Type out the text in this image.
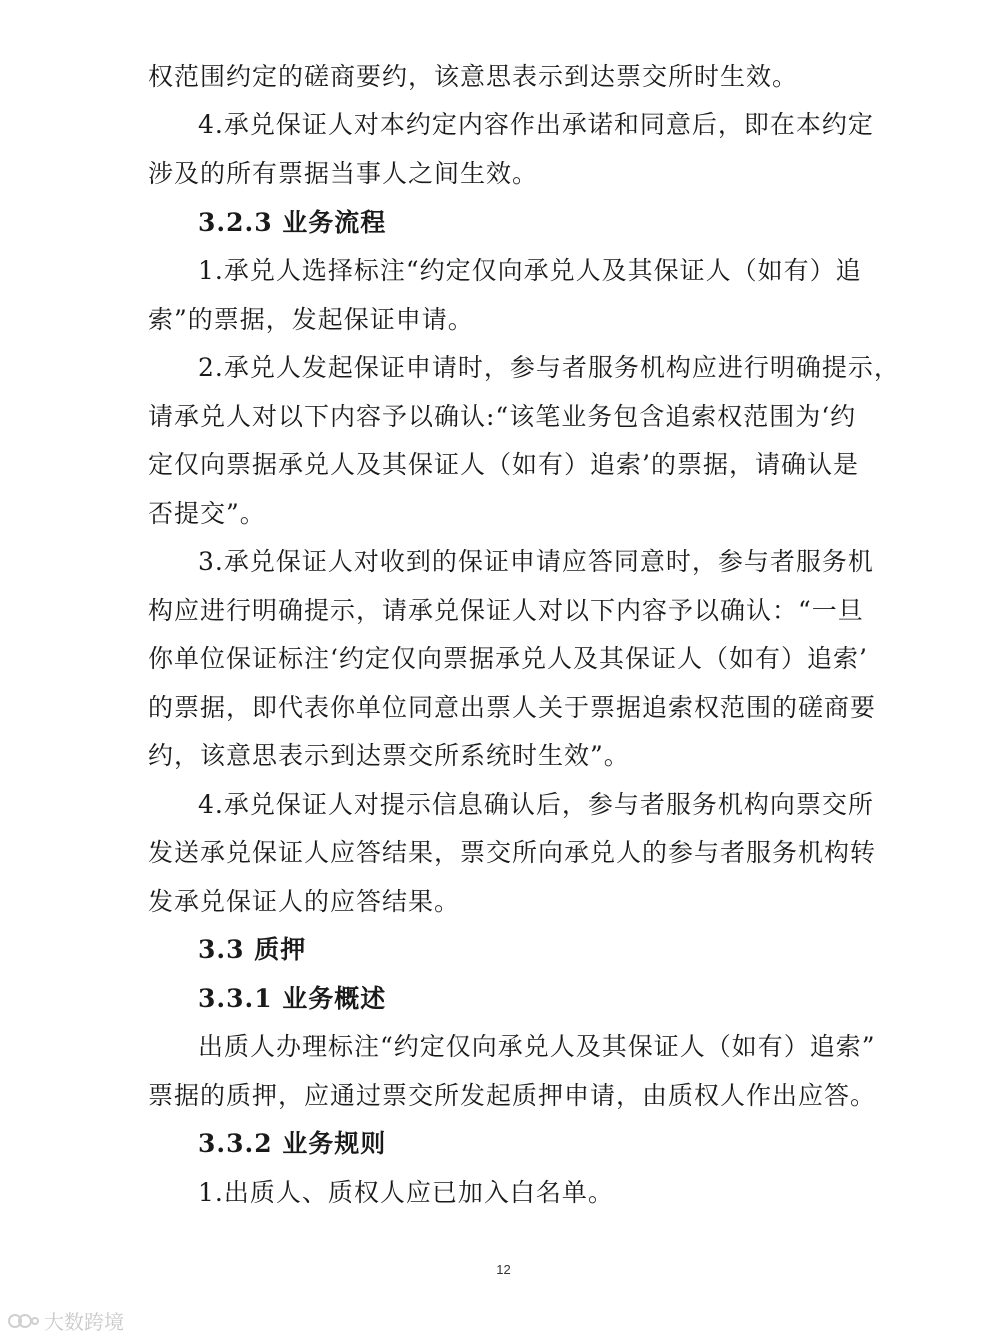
权范围约定的磋商要约，该意思表示到达票交所时生效。
4.承兑保证人对本约定内容作出承诺和同意后，即在本约定
涉及的所有票据当事人之间生效。
3.2.3 业务流程
1.承兑人选择标注“约定仅向承兑人及其保证人（如有）追
索”的票据，发起保证申请。
2.承兑人发起保证申请时，参与者服务机构应进行明确提示，
请承兑人对以下内容予以确认:“该笔业务包含追索权范围为‘约
定仅向票据承兑人及其保证人（如有）追索’的票据，请确认是
否提交”。
3.承兑保证人对收到的保证申请应答同意时，参与者服务机
构应进行明确提示，请承兑保证人对以下内容予以确认：“一旦
你单位保证标注‘约定仅向票据承兑人及其保证人（如有）追索’
的票据，即代表你单位同意出票人关于票据追索权范围的磋商要
约，该意思表示到达票交所系统时生效”。
4.承兑保证人对提示信息确认后，参与者服务机构向票交所
发送承兑保证人应答结果，票交所向承兑人的参与者服务机构转
发承兑保证人的应答结果。
3.3 质押
3.3.1 业务概述
出质人办理标注“约定仅向承兑人及其保证人（如有）追索”
票据的质押，应通过票交所发起质押申请，由质权人作出应答。
3.3.2 业务规则
1.出质人、质权人应已加入白名单。
12
大数跨境
